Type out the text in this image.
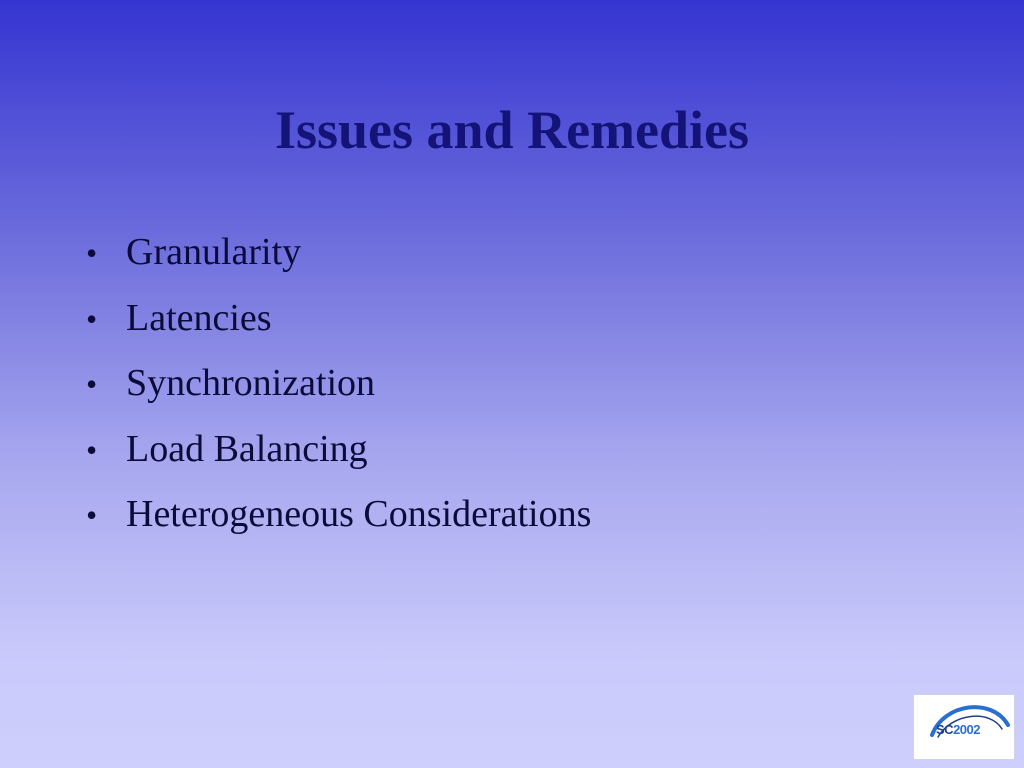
Issues and Remedies
• Granularity
• Latencies
• Synchronization
• Load Balancing
• Heterogeneous Considerations
SC2002
